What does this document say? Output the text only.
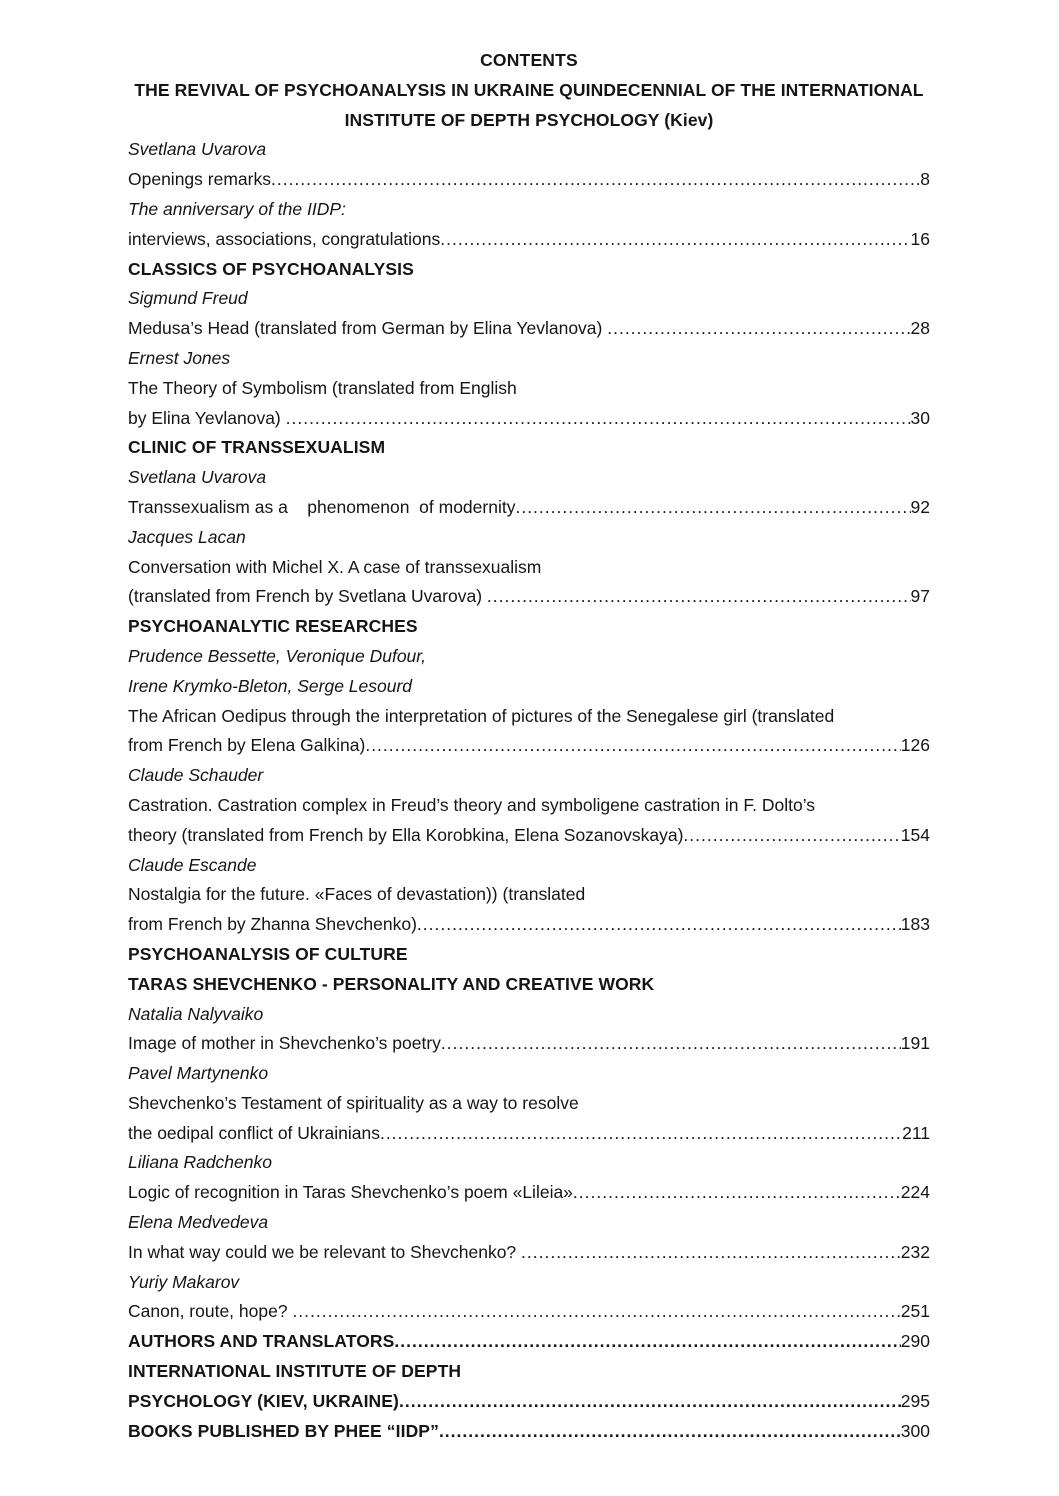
CONTENTS
THE REVIVAL OF PSYCHOANALYSIS IN UKRAINE QUINDECENNIAL OF THE INTERNATIONAL
INSTITUTE OF DEPTH PSYCHOLOGY (Kiev)
Svetlana Uvarova
Openings remarks .....	8
The anniversary of the IIDP:
interviews, associations, congratulations .....	16
CLASSICS OF PSYCHOANALYSIS
Sigmund Freud
Medusa’s Head (translated from German by Elina Yevlanova) .....	28
Ernest Jones
The Theory of Symbolism (translated from English
by Elina Yevlanova) .....	30
CLINIC OF TRANSSEXUALISM
Svetlana Uvarova
Transsexualism as a    phenomenon  of modernity .....	92
Jacques Lacan
Conversation with Michel X. A case of transsexualism
(translated from French by Svetlana Uvarova) .....	97
PSYCHOANALYTIC RESEARCHES
Prudence Bessette, Veronique Dufour,
Irene Krymko-Bleton, Serge Lesourd
The African Oedipus through the interpretation of pictures of the Senegalese girl (translated
from French by Elena Galkina) .....	126
Claude Schauder
Castration. Castration complex in Freud’s theory and symboligene castration in F. Dolto’s
theory (translated from French by Ella Korobkina, Elena Sozanovskaya) .....	154
Claude Escande
Nostalgia for the future. «Faces of devastation)) (translated
from French by Zhanna Shevchenko) .....	183
PSYCHOANALYSIS OF CULTURE
TARAS SHEVCHENKO - PERSONALITY AND CREATIVE WORK
Natalia Nalyvaiko
Image of mother in Shevchenko’s poetry .....	191
Pavel Martynenko
Shevchenko’s Testament of spirituality as a way to resolve
the oedipal conflict of Ukrainians .....	211
Liliana Radchenko
Logic of recognition in Taras Shevchenko’s poem «Lileia» .....	224
Elena Medvedeva
In what way could we be relevant to Shevchenko? .....	232
Yuriy Makarov
Canon, route, hope? .....	251
AUTHORS AND TRANSLATORS .....	290
INTERNATIONAL INSTITUTE OF DEPTH
PSYCHOLOGY (KIEV, UKRAINE) .....	295
BOOKS PUBLISHED BY PHEE “IIDP” .....	300
